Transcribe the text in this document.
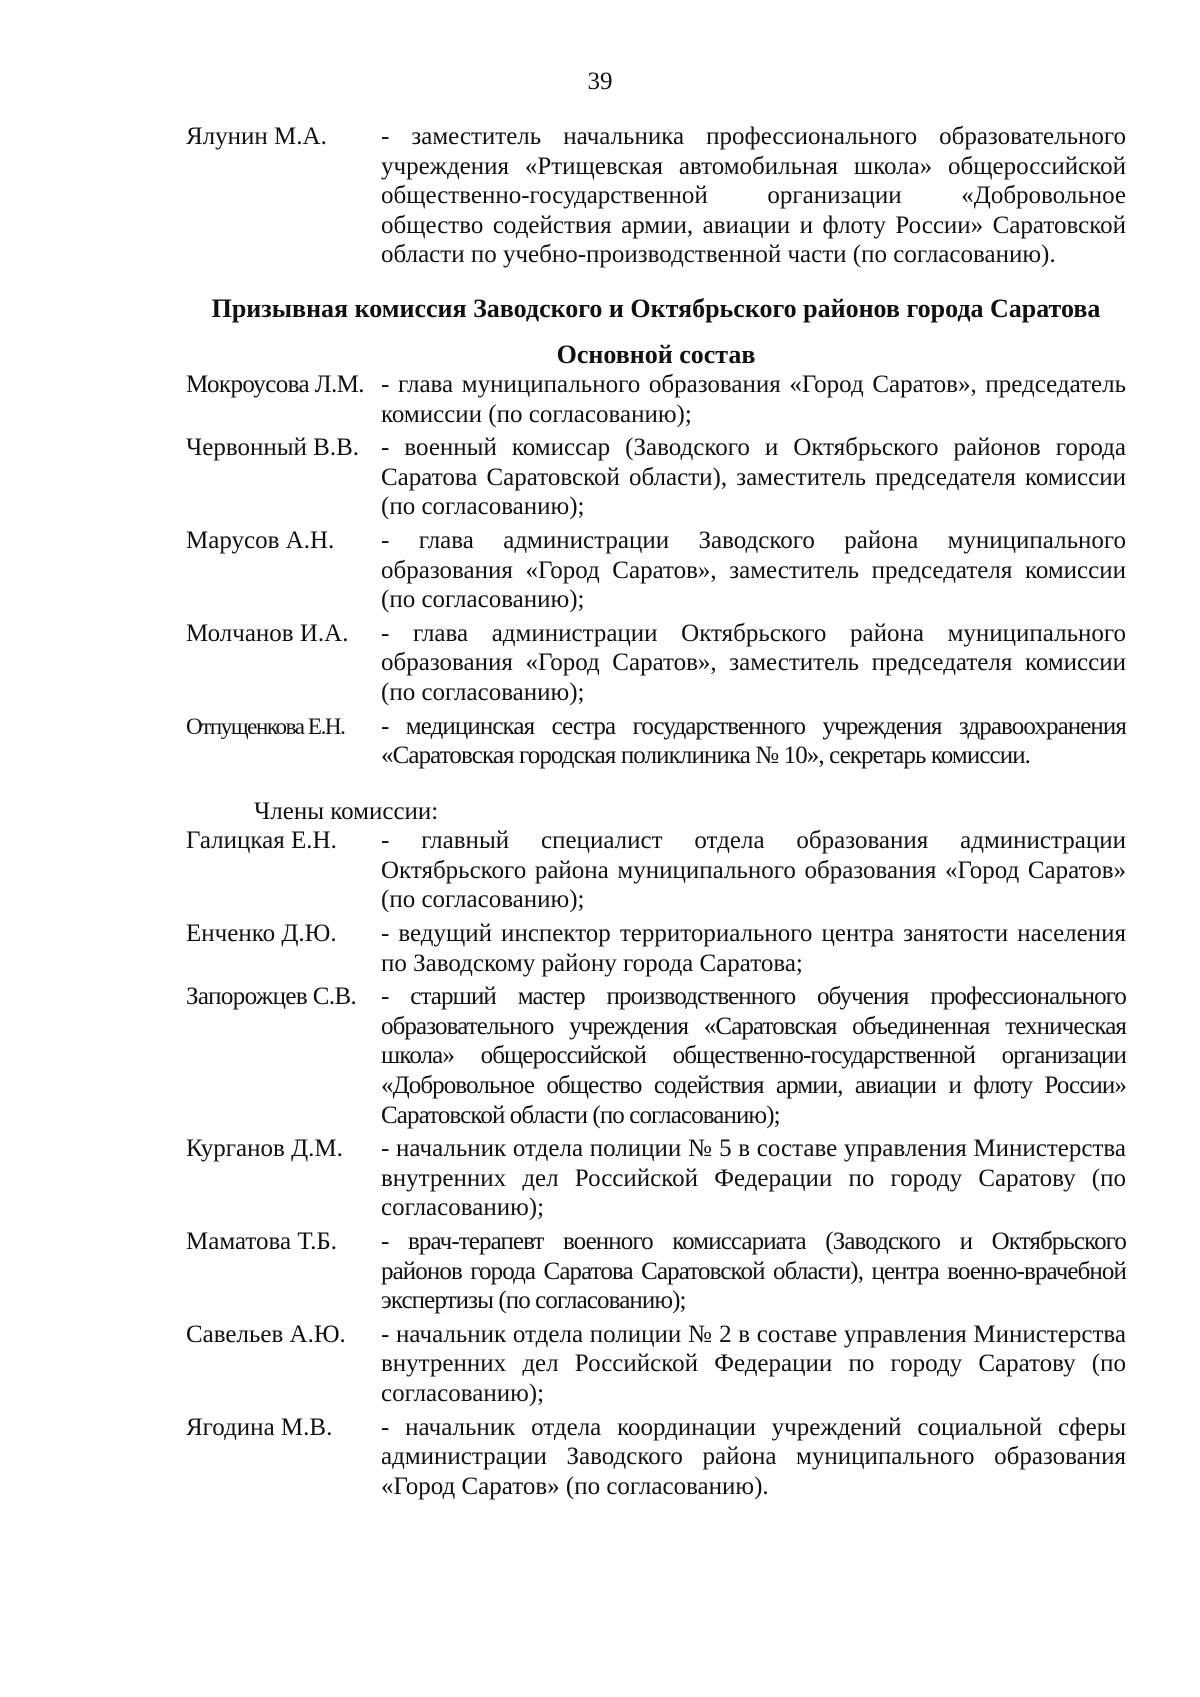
39
Ялунин М.А.	- заместитель начальника профессионального образовательного учреждения «Ртищевская автомобильная школа» общероссийской общественно-государственной организации «Добровольное общество содействия армии, авиации и флоту России» Саратовской области по учебно-производственной части (по согласованию).
Призывная комиссия Заводского и Октябрьского районов города Саратова
Основной состав
Мокроусова Л.М. - глава муниципального образования «Город Саратов», председатель комиссии (по согласованию);
Червонный В.В. - военный комиссар (Заводского и Октябрьского районов города Саратова Саратовской области), заместитель председателя комиссии (по согласованию);
Марусов А.Н.	- глава администрации Заводского района муниципального образования «Город Саратов», заместитель председателя комиссии (по согласованию);
Молчанов И.А.	- глава администрации Октябрьского района муниципального образования «Город Саратов», заместитель председателя комиссии (по согласованию);
Отпущенкова Е.Н.	- медицинская сестра государственного учреждения здравоохранения «Саратовская городская поликлиника № 10», секретарь комиссии.
Члены комиссии:
Галицкая Е.Н.	- главный специалист отдела образования администрации Октябрьского района муниципального образования «Город Саратов» (по согласованию);
Енченко Д.Ю.	- ведущий инспектор территориального центра занятости населения по Заводскому району города Саратова;
Запорожцев С.В. - старший мастер производственного обучения профессионального образовательного учреждения «Саратовская объединенная техническая школа» общероссийской общественно-государственной организации «Добровольное общество содействия армии, авиации и флоту России» Саратовской области (по согласованию);
Курганов Д.М.	- начальник отдела полиции № 5 в составе управления Министерства внутренних дел Российской Федерации по городу Саратову (по согласованию);
Маматова Т.Б.	- врач-терапевт военного комиссариата (Заводского и Октябрьского районов города Саратова Саратовской области), центра военно-врачебной экспертизы (по согласованию);
Савельев А.Ю.	- начальник отдела полиции № 2 в составе управления Министерства внутренних дел Российской Федерации по городу Саратову (по согласованию);
Ягодина М.В.	- начальник отдела координации учреждений социальной сферы администрации Заводского района муниципального образования «Город Саратов» (по согласованию).
